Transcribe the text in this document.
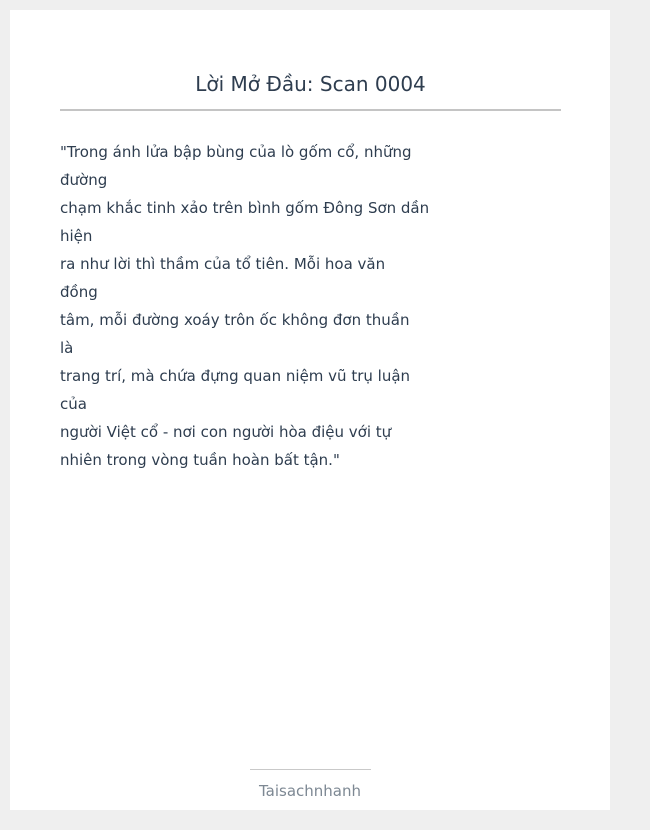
Lời Mở Đầu: Scan 0004

"Trong ánh lửa bập bùng của lò gốm cổ, những
đường
chạm khắc tinh xảo trên bình gốm Đông Sơn dần
hiện
ra như lời thì thầm của tổ tiên. Mỗi hoa văn
đồng
tâm, mỗi đường xoáy trôn ốc không đơn thuần
là
trang trí, mà chứa đựng quan niệm vũ trụ luận
của
người Việt cổ - nơi con người hòa điệu với tự
nhiên trong vòng tuần hoàn bất tận."

Taisachnhanh
